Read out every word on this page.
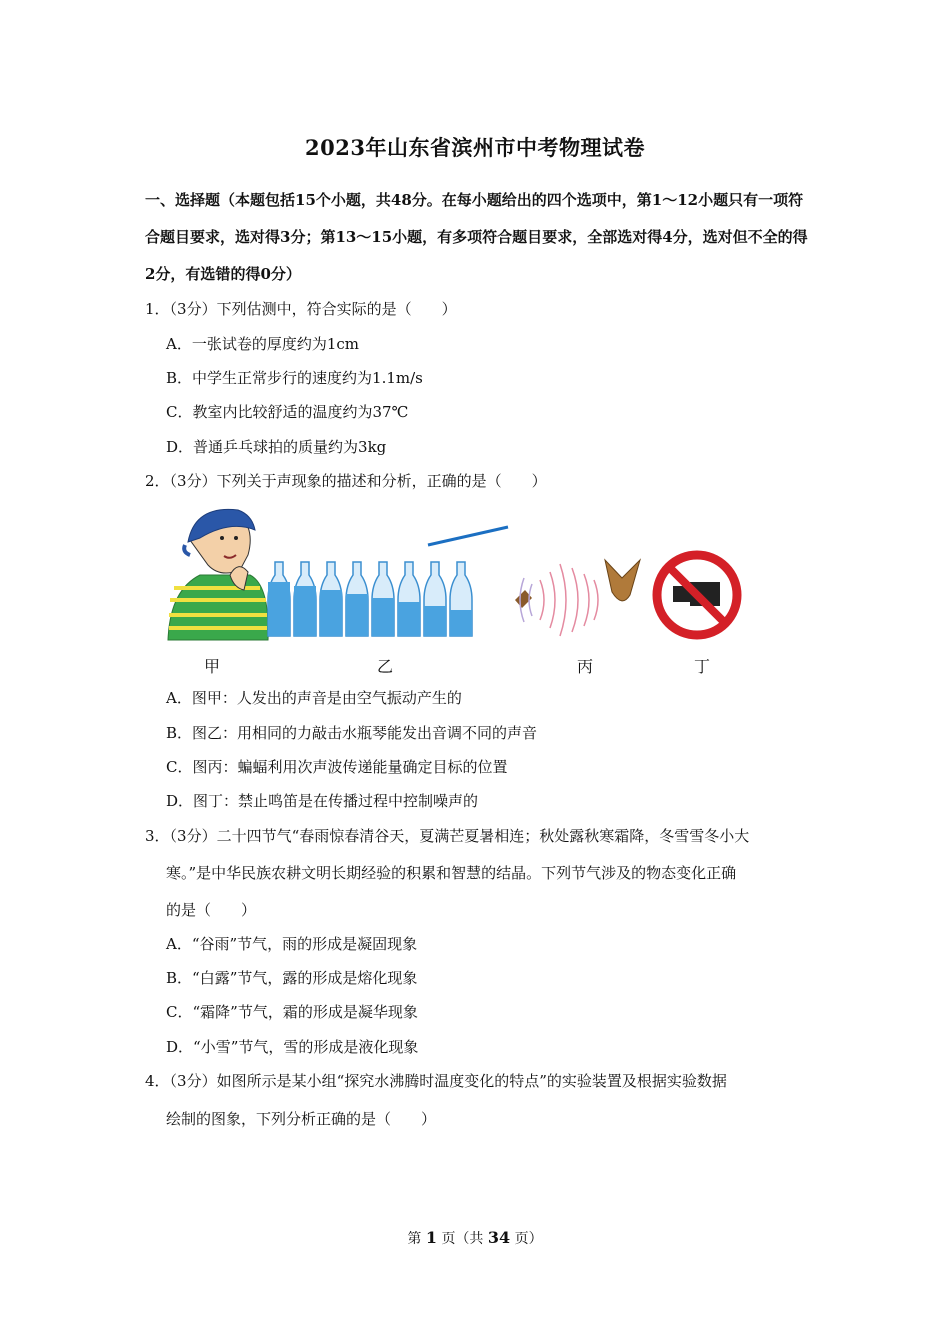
2023年山东省滨州市中考物理试卷
一、选择题（本题包括15个小题，共48分。在每小题给出的四个选项中，第1～12小题只有一项符合题目要求，选对得3分；第13～15小题，有多项符合题目要求，全部选对得4分，选对但不全的得2分，有选错的得0分）
1．（3分）下列估测中，符合实际的是（　　）
A．一张试卷的厚度约为1cm
B．中学生正常步行的速度约为1.1m/s
C．教室内比较舒适的温度约为37℃
D．普通乒乓球拍的质量约为3kg
2．（3分）下列关于声现象的描述和分析，正确的是（　　）
甲	乙	丙	丁
A．图甲：人发出的声音是由空气振动产生的
B．图乙：用相同的力敲击水瓶琴能发出音调不同的声音
C．图丙：蝙蝠利用次声波传递能量确定目标的位置
D．图丁：禁止鸣笛是在传播过程中控制噪声的
3．（3分）二十四节气“春雨惊春清谷天，夏满芒夏暑相连；秋处露秋寒霜降，冬雪雪冬小大
寒。”是中华民族农耕文明长期经验的积累和智慧的结晶。下列节气涉及的物态变化正确
的是（　　）
A．“谷雨”节气，雨的形成是凝固现象
B．“白露”节气，露的形成是熔化现象
C．“霜降”节气，霜的形成是凝华现象
D．“小雪”节气，雪的形成是液化现象
4．（3分）如图所示是某小组“探究水沸腾时温度变化的特点”的实验装置及根据实验数据
绘制的图象，下列分析正确的是（　　）
第 1 页（共 34 页）
